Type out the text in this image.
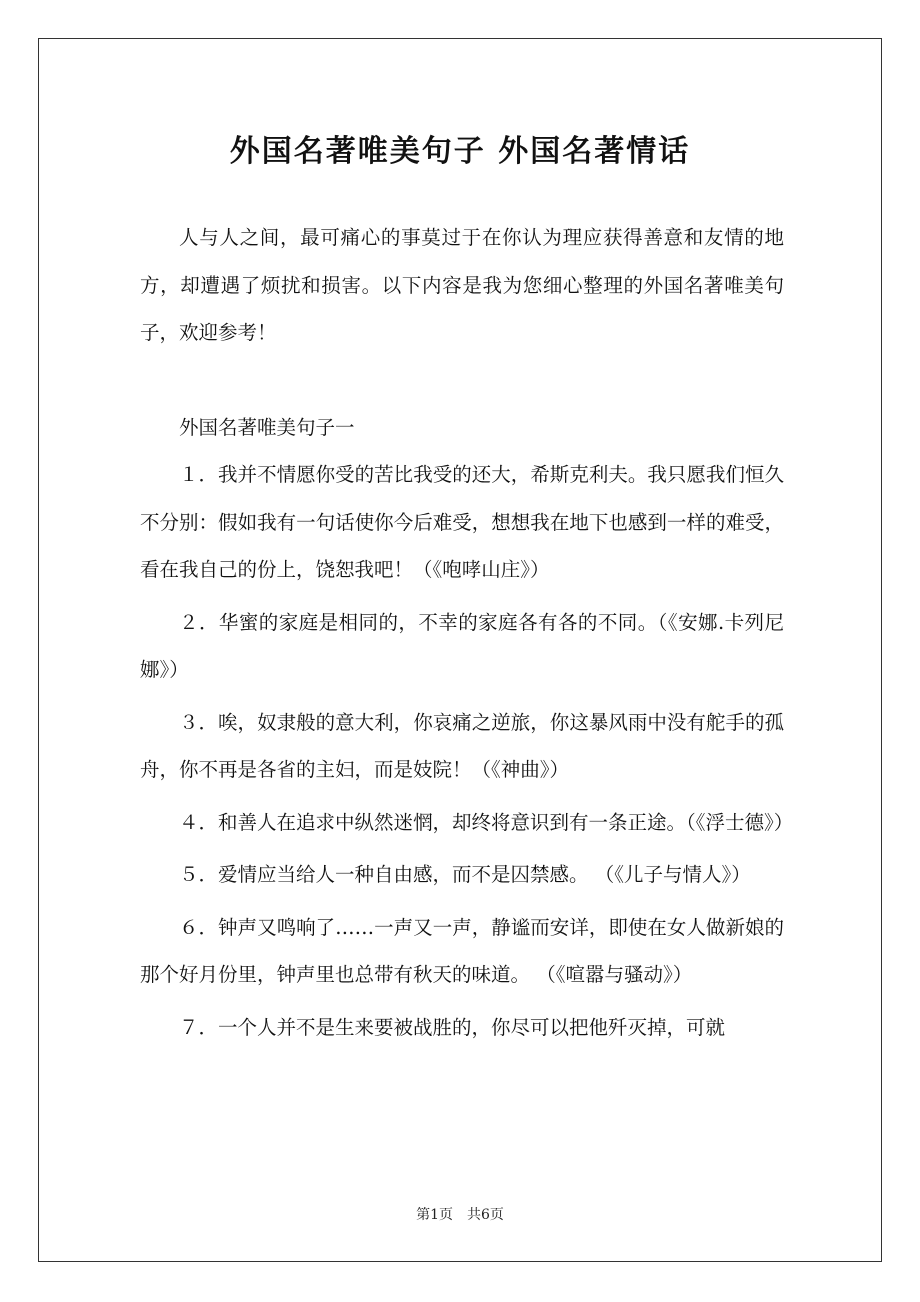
外国名著唯美句子 外国名著情话

人与人之间，最可痛心的事莫过于在你认为理应获得善意和友情的地方，却遭遇了烦扰和损害。以下内容是我为您细心整理的外国名著唯美句子，欢迎参考！

外国名著唯美句子一

１．我并不情愿你受的苦比我受的还大，希斯克利夫。我只愿我们恒久不分别：假如我有一句话使你今后难受，想想我在地下也感到一样的难受，看在我自己的份上，饶恕我吧！（《咆哮山庄》）

２．华蜜的家庭是相同的，不幸的家庭各有各的不同。（《安娜.卡列尼娜》）

３．唉，奴隶般的意大利，你哀痛之逆旅，你这暴风雨中没有舵手的孤舟，你不再是各省的主妇，而是妓院！（《神曲》）

４．和善人在追求中纵然迷惘，却终将意识到有一条正途。（《浮士德》）

５．爱情应当给人一种自由感，而不是囚禁感。 （《儿子与情人》）

６．钟声又鸣响了……一声又一声，静谧而安详，即使在女人做新娘的那个好月份里，钟声里也总带有秋天的味道。 （《喧嚣与骚动》）

７．一个人并不是生来要被战胜的，你尽可以把他歼灭掉，可就

第1页 共6页
